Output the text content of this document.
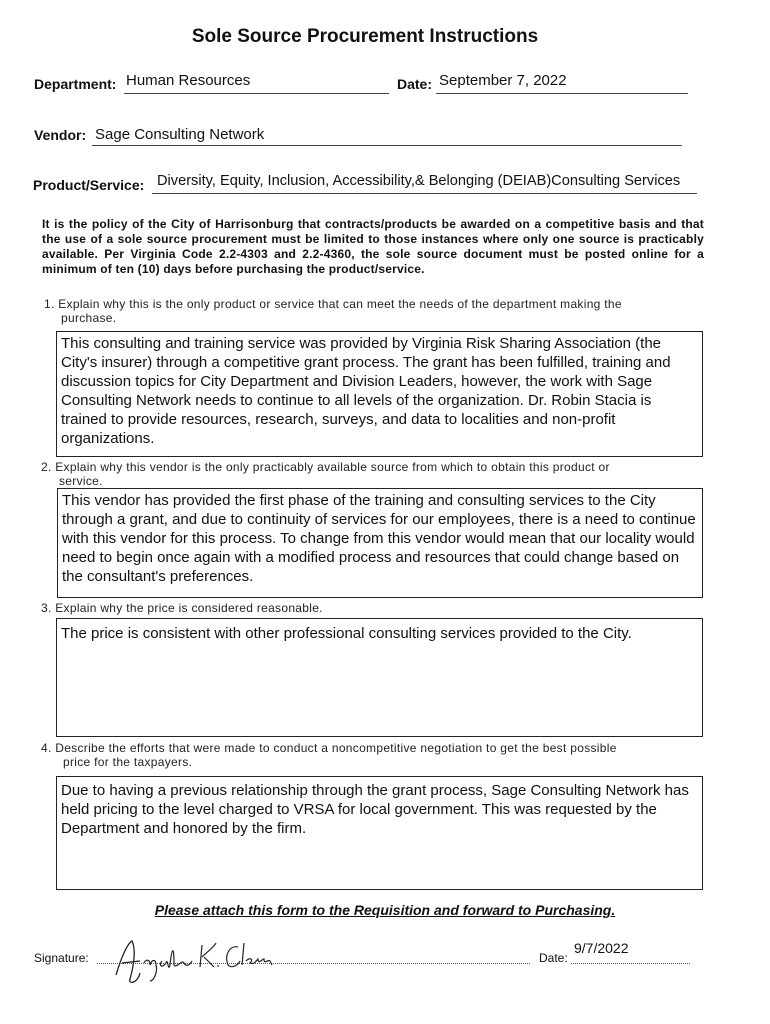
Sole Source Procurement Instructions
Department: Human Resources	Date: September 7, 2022
Vendor: Sage Consulting Network
Product/Service: Diversity, Equity, Inclusion, Accessibility,& Belonging (DEIAB)Consulting Services
It is the policy of the City of Harrisonburg that contracts/products be awarded on a competitive basis and that the use of a sole source procurement must be limited to those instances where only one source is practicably available. Per Virginia Code 2.2-4303 and 2.2-4360, the sole source document must be posted online for a minimum of ten (10) days before purchasing the product/service.
1. Explain why this is the only product or service that can meet the needs of the department making the
purchase.
This consulting and training service was provided by Virginia Risk Sharing Association (the City's insurer) through a competitive grant process. The grant has been fulfilled, training and discussion topics for City Department and Division Leaders, however, the work with Sage Consulting Network needs to continue to all levels of the organization. Dr. Robin Stacia is trained to provide resources, research, surveys, and data to localities and non-profit organizations.
2. Explain why this vendor is the only practicably available source from which to obtain this product or
service.
This vendor has provided the first phase of the training and consulting services to the City through a grant, and due to continuity of services for our employees, there is a need to continue with this vendor for this process. To change from this vendor would mean that our locality would need to begin once again with a modified process and resources that could change based on the consultant's preferences.
3. Explain why the price is considered reasonable.
The price is consistent with other professional consulting services provided to the City.
4. Describe the efforts that were made to conduct a noncompetitive negotiation to get the best possible
price for the taxpayers.
Due to having a previous relationship through the grant process, Sage Consulting Network has held pricing to the level charged to VRSA for local government. This was requested by the Department and honored by the firm.
Please attach this form to the Requisition and forward to Purchasing.
Signature:	Date:
9/7/2022
